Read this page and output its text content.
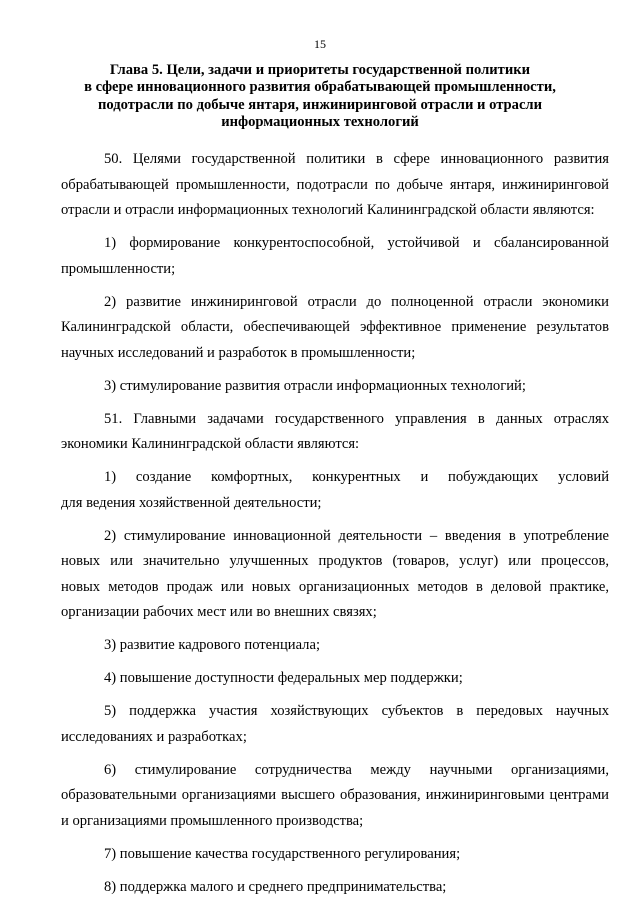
15
Глава 5. Цели, задачи и приоритеты государственной политики
в сфере инновационного развития обрабатывающей промышленности,
подотрасли по добыче янтаря, инжиниринговой отрасли и отрасли
информационных технологий
50. Целями государственной политики в сфере инновационного развития
обрабатывающей промышленности, подотрасли по добыче янтаря, инжиниринговой
отрасли и отрасли информационных технологий Калининградской области являются:
1) формирование конкурентоспособной, устойчивой и сбалансированной
промышленности;
2) развитие инжиниринговой отрасли до полноценной отрасли экономики
Калининградской области, обеспечивающей эффективное применение результатов
научных исследований и разработок в промышленности;
3) стимулирование развития отрасли информационных технологий;
51. Главными задачами государственного управления в данных отраслях
экономики Калининградской области являются:
1) создание комфортных, конкурентных и побуждающих условий
для ведения хозяйственной деятельности;
2) стимулирование инновационной деятельности – введения в употребление
новых или значительно улучшенных продуктов (товаров, услуг) или процессов,
новых методов продаж или новых организационных методов в деловой практике,
организации рабочих мест или во внешних связях;
3) развитие кадрового потенциала;
4) повышение доступности федеральных мер поддержки;
5) поддержка участия хозяйствующих субъектов в передовых научных
исследованиях и разработках;
6) стимулирование сотрудничества между научными организациями,
образовательными организациями высшего образования, инжиниринговыми центрами
и организациями промышленного производства;
7) повышение качества государственного регулирования;
8) поддержка малого и среднего предпринимательства;
